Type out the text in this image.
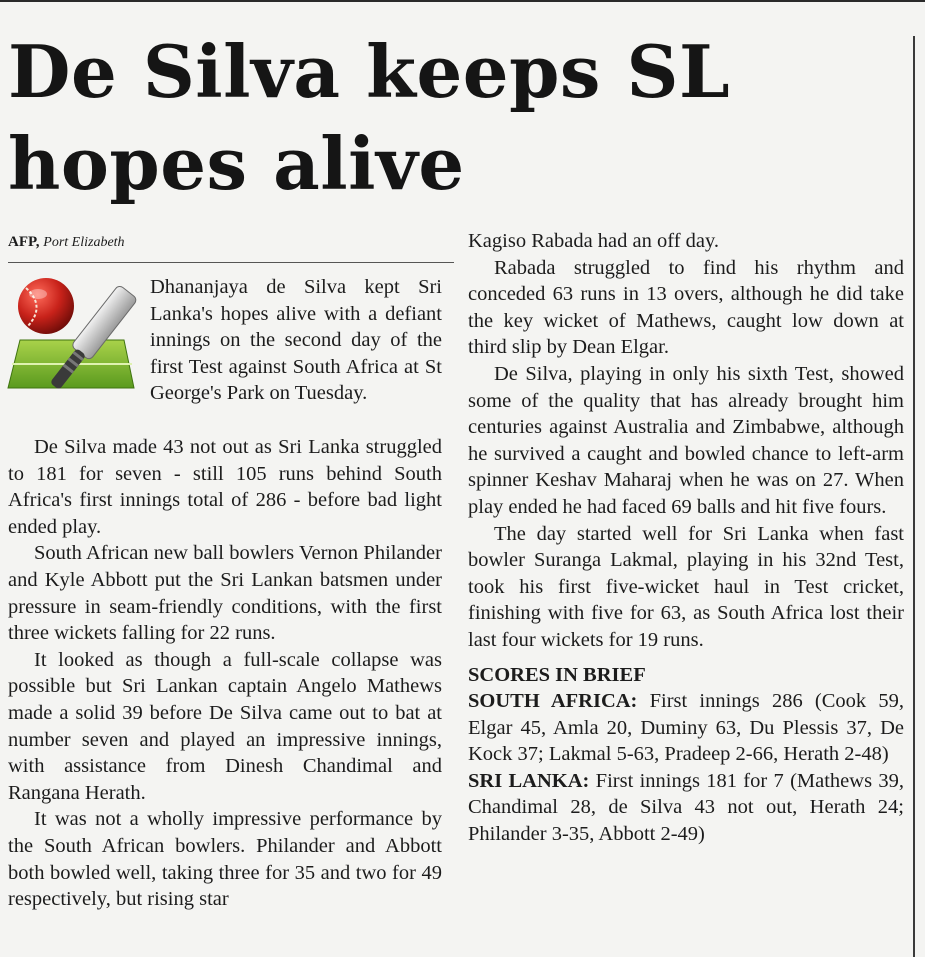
De Silva keeps SL hopes alive

AFP, Port Elizabeth

Dhananjaya de Silva kept Sri Lanka's hopes alive with a defiant innings on the second day of the first Test against South Africa at St George's Park on Tuesday.

De Silva made 43 not out as Sri Lanka struggled to 181 for seven - still 105 runs behind South Africa's first innings total of 286 - before bad light ended play.

South African new ball bowlers Vernon Philander and Kyle Abbott put the Sri Lankan batsmen under pressure in seam-friendly conditions, with the first three wickets falling for 22 runs.

It looked as though a full-scale collapse was possible but Sri Lankan captain Angelo Mathews made a solid 39 before De Silva came out to bat at number seven and played an impressive innings, with assistance from Dinesh Chandimal and Rangana Herath.

It was not a wholly impressive performance by the South African bowlers. Philander and Abbott both bowled well, taking three for 35 and two for 49 respectively, but rising star

Kagiso Rabada had an off day.

Rabada struggled to find his rhythm and conceded 63 runs in 13 overs, although he did take the key wicket of Mathews, caught low down at third slip by Dean Elgar.

De Silva, playing in only his sixth Test, showed some of the quality that has already brought him centuries against Australia and Zimbabwe, although he survived a caught and bowled chance to left-arm spinner Keshav Maharaj when he was on 27. When play ended he had faced 69 balls and hit five fours.

The day started well for Sri Lanka when fast bowler Suranga Lakmal, playing in his 32nd Test, took his first five-wicket haul in Test cricket, finishing with five for 63, as South Africa lost their last four wickets for 19 runs.

SCORES IN BRIEF

SOUTH AFRICA: First innings 286 (Cook 59, Elgar 45, Amla 20, Duminy 63, Du Plessis 37, De Kock 37; Lakmal 5-63, Pradeep 2-66, Herath 2-48)

SRI LANKA: First innings 181 for 7 (Mathews 39, Chandimal 28, de Silva 43 not out, Herath 24; Philander 3-35, Abbott 2-49)
